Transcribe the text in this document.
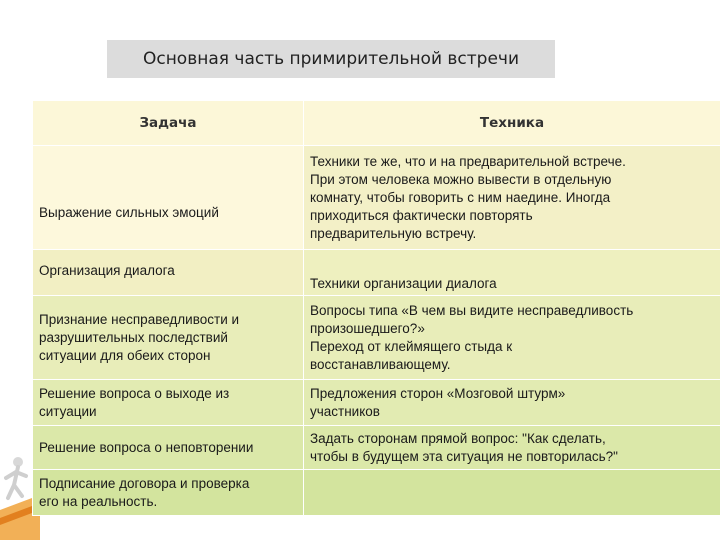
Основная часть примирительной встречи
Задача	Техника

Выражение сильных эмоций	Техники те же, что и на предварительной встрече.
При этом человека можно вывести в отдельную
комнату, чтобы говорить с ним наедине. Иногда
приходиться фактически повторять
предварительную встречу.

Организация диалога	Техники организации диалога

Признание несправедливости и
разрушительных последствий
ситуации для обеих сторон	Вопросы типа «В чем вы видите несправедливость
произошедшего?»
Переход от клеймящего стыда к
восстанавливающему.

Решение вопроса о выходе из
ситуации	Предложения сторон «Мозговой штурм»
участников

Решение вопроса о неповторении	Задать сторонам прямой вопрос: "Как сделать,
чтобы в будущем эта ситуация не повторилась?"

Подписание договора и проверка
его на реальность.	
